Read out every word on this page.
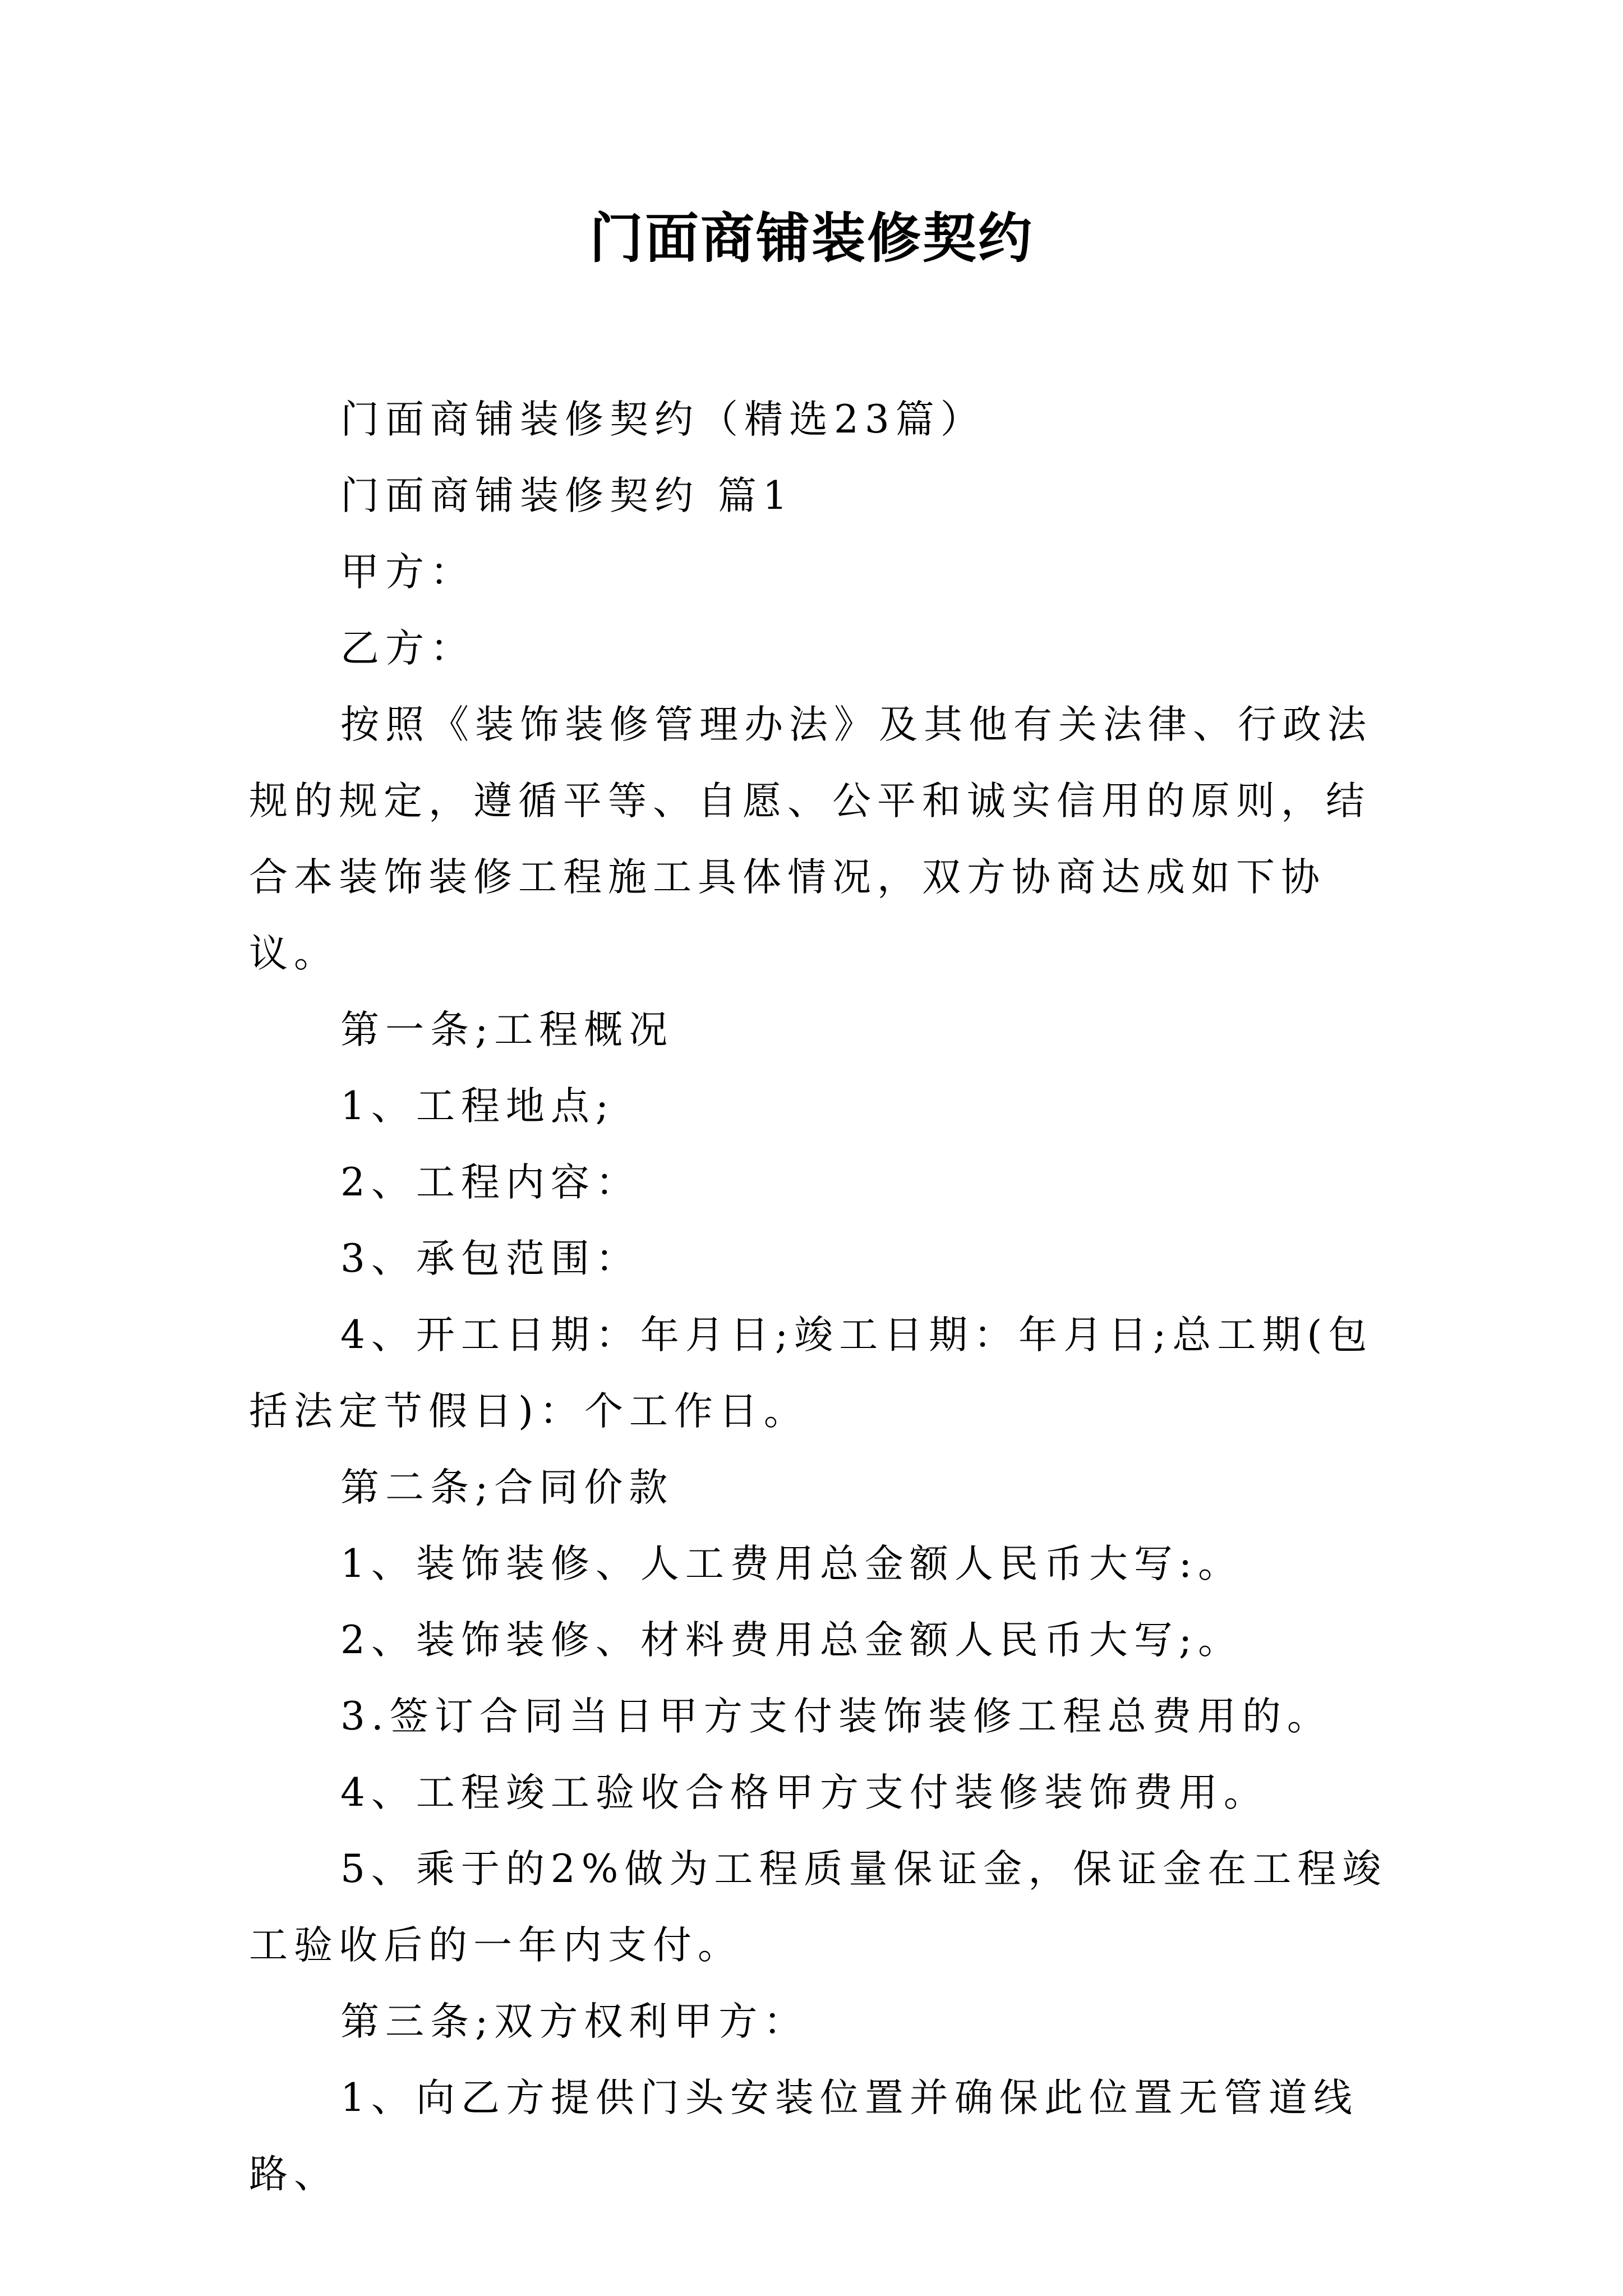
门面商铺装修契约

门面商铺装修契约（精选23篇）

门面商铺装修契约 篇1

甲方：

乙方：

按照《装饰装修管理办法》及其他有关法律、行政法规的规定，遵循平等、自愿、公平和诚实信用的原则，结合本装饰装修工程施工具体情况，双方协商达成如下协议。

第一条;工程概况

1、工程地点;

2、工程内容：

3、承包范围：

4、开工日期：年月日;竣工日期：年月日;总工期(包括法定节假日)：个工作日。

第二条;合同价款

1、装饰装修、人工费用总金额人民币大写:。

2、装饰装修、材料费用总金额人民币大写;。

3.签订合同当日甲方支付装饰装修工程总费用的。

4、工程竣工验收合格甲方支付装修装饰费用。

5、乘于的2%做为工程质量保证金，保证金在工程竣工验收后的一年内支付。

第三条;双方权利甲方：

1、向乙方提供门头安装位置并确保此位置无管道线路、
